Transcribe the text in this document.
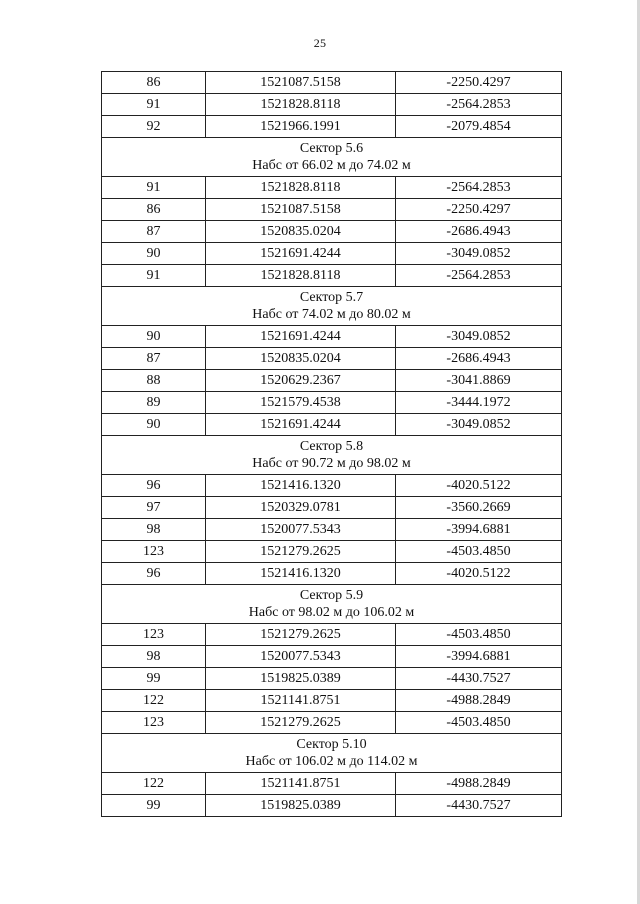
25
86	1521087.5158	-2250.4297
91	1521828.8118	-2564.2853
92	1521966.1991	-2079.4854

Сектор 5.6
Набс от 66.02 м до 74.02 м		

91	1521828.8118	-2564.2853
86	1521087.5158	-2250.4297
87	1520835.0204	-2686.4943
90	1521691.4244	-3049.0852
91	1521828.8118	-2564.2853

Сектор 5.7
Набс от 74.02 м до 80.02 м		

90	1521691.4244	-3049.0852
87	1520835.0204	-2686.4943
88	1520629.2367	-3041.8869
89	1521579.4538	-3444.1972
90	1521691.4244	-3049.0852

Сектор 5.8
Набс от 90.72 м до 98.02 м		

96	1521416.1320	-4020.5122
97	1520329.0781	-3560.2669
98	1520077.5343	-3994.6881
123	1521279.2625	-4503.4850
96	1521416.1320	-4020.5122

Сектор 5.9
Набс от 98.02 м до 106.02 м		

123	1521279.2625	-4503.4850
98	1520077.5343	-3994.6881
99	1519825.0389	-4430.7527
122	1521141.8751	-4988.2849
123	1521279.2625	-4503.4850

Сектор 5.10
Набс от 106.02 м до 114.02 м		

122	1521141.8751	-4988.2849
99	1519825.0389	-4430.7527
